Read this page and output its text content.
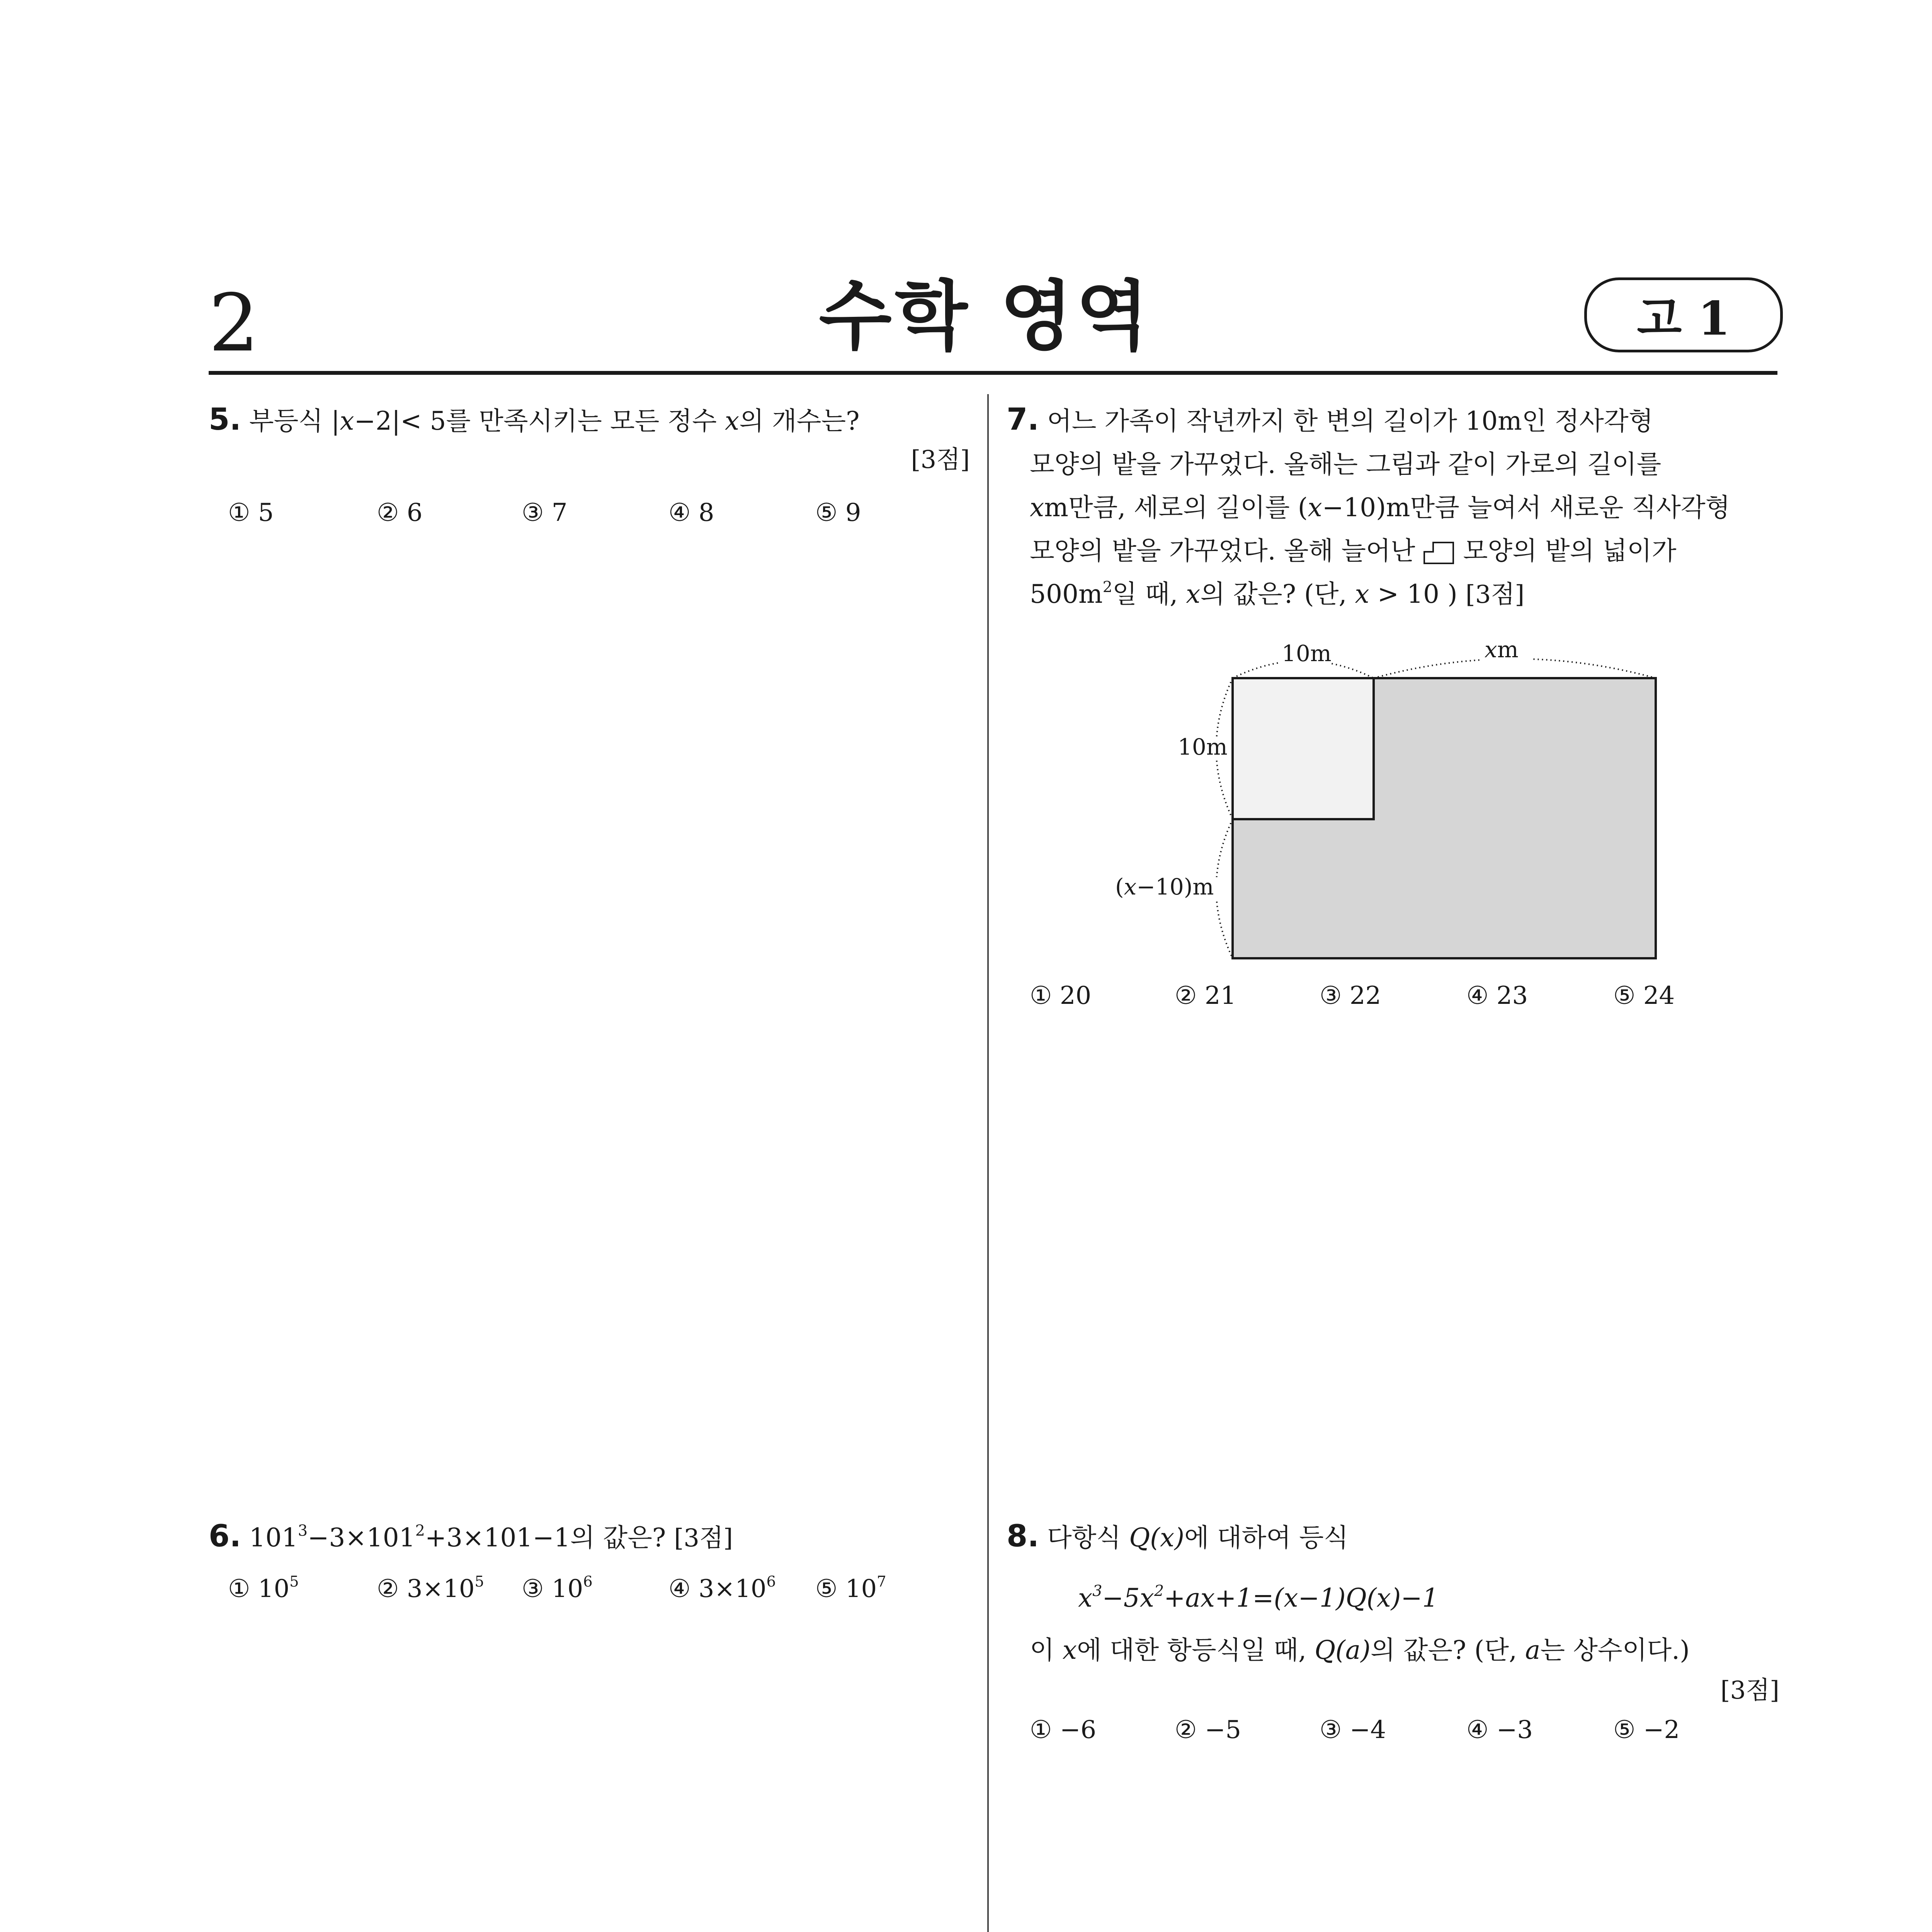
2	수학 영역	고 1
5. 부등식 |x−2|< 5를 만족시키는 모든 정수 x의 개수는?
[3점]
① 5	② 6	③ 7	④ 8	⑤ 9
6. $101^3-3\times 101^2+3\times 101-1$의 값은? [3점]
① $10^5$	② $3\times 10^5$	③ $10^6$	④ $3\times 10^6$	⑤ $10^7$
7. 어느 가족이 작년까지 한 변의 길이가 10m인 정사각형
모양의 밭을 가꾸었다. 올해는 그림과 같이 가로의 길이를
xm만큼, 세로의 길이를 (x−10)m만큼 늘여서 새로운 직사각형
모양의 밭을 가꾸었다. 올해 늘어난 모양의 밭의 넓이가
$500m^2$일 때, x의 값은? (단, x > 10 ) [3점]
10m	xm
10m
(x−10)m
① 20	② 21	③ 22	④ 23	⑤ 24
8. 다항식 Q(x)에 대하여 등식
$x^3-5x^2+ax+1=(x-1)Q(x)-1$
이 x에 대한 항등식일 때, Q(a)의 값은? (단, a는 상수이다.)
[3점]
① −6	② −5	③ −4	④ −3	⑤ −2
